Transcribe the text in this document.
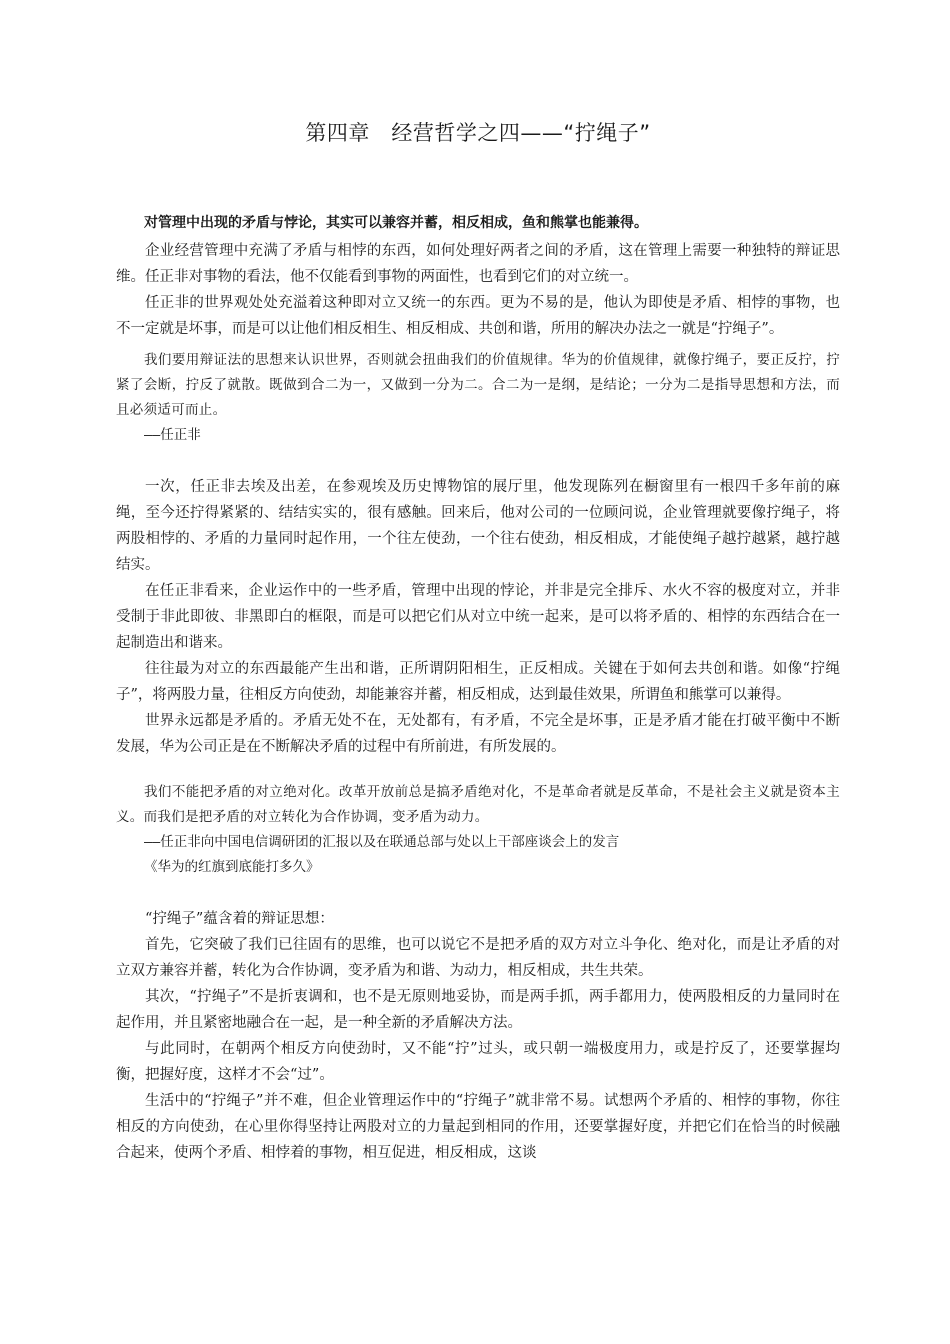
第四章　经营哲学之四——“拧绳子”

对管理中出现的矛盾与悖论，其实可以兼容并蓄，相反相成，鱼和熊掌也能兼得。

企业经营管理中充满了矛盾与相悖的东西，如何处理好两者之间的矛盾，这在管理上需要一种独特的辩证思维。任正非对事物的看法，他不仅能看到事物的两面性，也看到它们的对立统一。

任正非的世界观处处充溢着这种即对立又统一的东西。更为不易的是，他认为即使是矛盾、相悖的事物，也不一定就是坏事，而是可以让他们相反相生、相反相成、共创和谐，所用的解决办法之一就是“拧绳子”。

我们要用辩证法的思想来认识世界，否则就会扭曲我们的价值规律。华为的价值规律，就像拧绳子，要正反拧，拧紧了会断，拧反了就散。既做到合二为一，又做到一分为二。合二为一是纲，是结论；一分为二是指导思想和方法，而且必须适可而止。

——任正非

一次，任正非去埃及出差，在参观埃及历史博物馆的展厅里，他发现陈列在橱窗里有一根四千多年前的麻绳，至今还拧得紧紧的、结结实实的，很有感触。回来后，他对公司的一位顾问说，企业管理就要像拧绳子，将两股相悖的、矛盾的力量同时起作用，一个往左使劲，一个往右使劲，相反相成，才能使绳子越拧越紧，越拧越结实。

在任正非看来，企业运作中的一些矛盾，管理中出现的悖论，并非是完全排斥、水火不容的极度对立，并非受制于非此即彼、非黑即白的框限，而是可以把它们从对立中统一起来，是可以将矛盾的、相悖的东西结合在一起制造出和谐来。

往往最为对立的东西最能产生出和谐，正所谓阴阳相生，正反相成。关键在于如何去共创和谐。如像“拧绳子”，将两股力量，往相反方向使劲，却能兼容并蓄，相反相成，达到最佳效果，所谓鱼和熊掌可以兼得。

世界永远都是矛盾的。矛盾无处不在，无处都有，有矛盾，不完全是坏事，正是矛盾才能在打破平衡中不断发展，华为公司正是在不断解决矛盾的过程中有所前进，有所发展的。

我们不能把矛盾的对立绝对化。改革开放前总是搞矛盾绝对化，不是革命者就是反革命，不是社会主义就是资本主义。而我们是把矛盾的对立转化为合作协调，变矛盾为动力。

——任正非向中国电信调研团的汇报以及在联通总部与处以上干部座谈会上的发言

《华为的红旗到底能打多久》

“拧绳子”蕴含着的辩证思想：

首先，它突破了我们已往固有的思维，也可以说它不是把矛盾的双方对立斗争化、绝对化，而是让矛盾的对立双方兼容并蓄，转化为合作协调，变矛盾为和谐、为动力，相反相成，共生共荣。

其次，“拧绳子”不是折衷调和，也不是无原则地妥协，而是两手抓，两手都用力，使两股相反的力量同时在起作用，并且紧密地融合在一起，是一种全新的矛盾解决方法。

与此同时，在朝两个相反方向使劲时，又不能“拧”过头，或只朝一端极度用力，或是拧反了，还要掌握均衡，把握好度，这样才不会“过”。

生活中的“拧绳子”并不难，但企业管理运作中的“拧绳子”就非常不易。试想两个矛盾的、相悖的事物，你往相反的方向使劲，在心里你得坚持让两股对立的力量起到相同的作用，还要掌握好度，并把它们在恰当的时候融合起来，使两个矛盾、相悖着的事物，相互促进，相反相成，这谈
